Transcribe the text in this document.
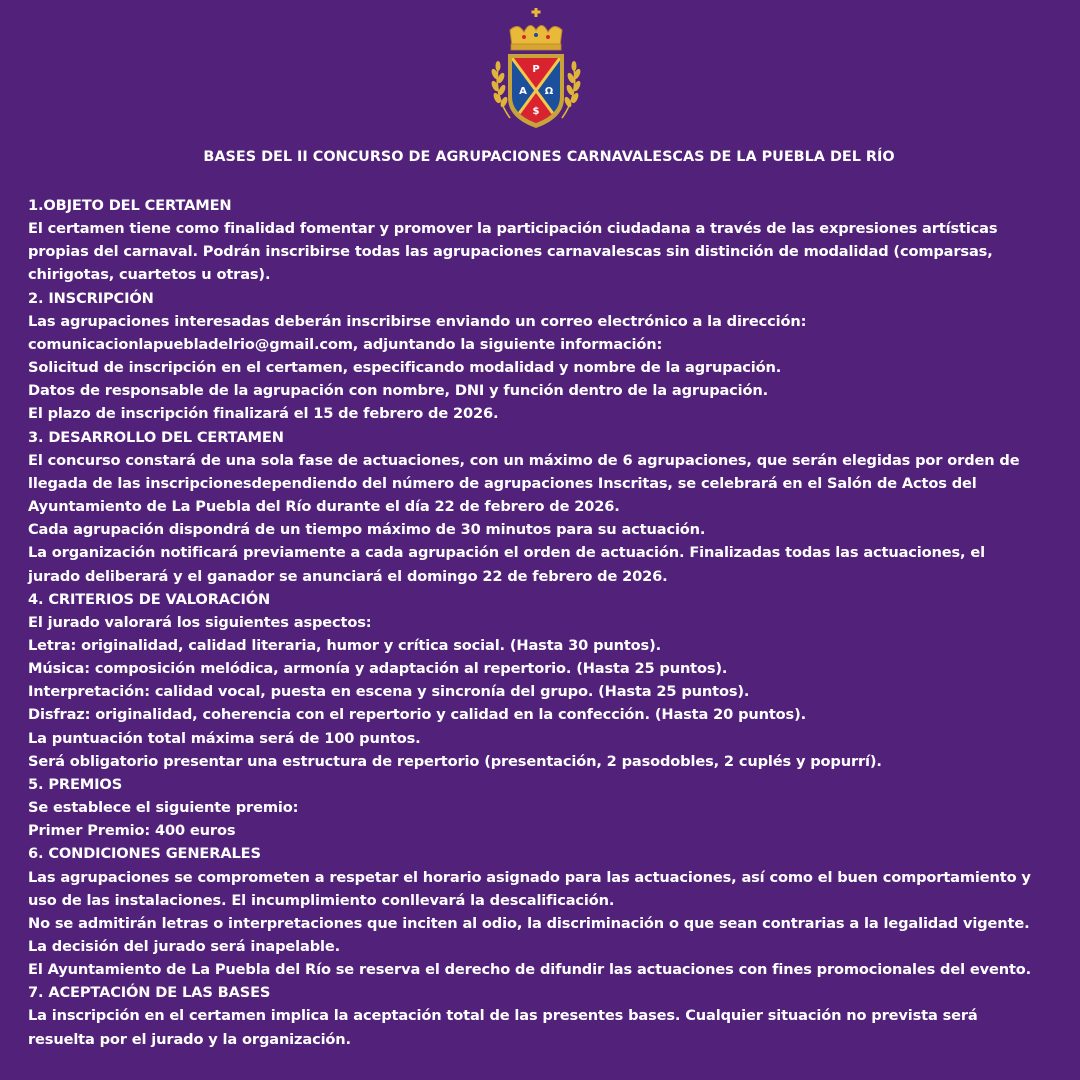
P
A Ω
$
BASES DEL II CONCURSO DE AGRUPACIONES CARNAVALESCAS DE LA PUEBLA DEL RÍO
1.OBJETO DEL CERTAMEN
El certamen tiene como finalidad fomentar y promover la participación ciudadana a través de las expresiones artísticas
propias del carnaval. Podrán inscribirse todas las agrupaciones carnavalescas sin distinción de modalidad (comparsas,
chirigotas, cuartetos u otras).
2. INSCRIPCIÓN
Las agrupaciones interesadas deberán inscribirse enviando un correo electrónico a la dirección:
comunicacionlapuebladelrio@gmail.com, adjuntando la siguiente información:
Solicitud de inscripción en el certamen, especificando modalidad y nombre de la agrupación.
Datos de responsable de la agrupación con nombre, DNI y función dentro de la agrupación.
El plazo de inscripción finalizará el 15 de febrero de 2026.
3. DESARROLLO DEL CERTAMEN
El concurso constará de una sola fase de actuaciones, con un máximo de 6 agrupaciones, que serán elegidas por orden de
llegada de las inscripcionesdependiendo del número de agrupaciones Inscritas, se celebrará en el Salón de Actos del
Ayuntamiento de La Puebla del Río durante el día 22 de febrero de 2026.
Cada agrupación dispondrá de un tiempo máximo de 30 minutos para su actuación.
La organización notificará previamente a cada agrupación el orden de actuación. Finalizadas todas las actuaciones, el
jurado deliberará y el ganador se anunciará el domingo 22 de febrero de 2026.
4. CRITERIOS DE VALORACIÓN
El jurado valorará los siguientes aspectos:
Letra: originalidad, calidad literaria, humor y crítica social. (Hasta 30 puntos).
Música: composición melódica, armonía y adaptación al repertorio. (Hasta 25 puntos).
Interpretación: calidad vocal, puesta en escena y sincronía del grupo. (Hasta 25 puntos).
Disfraz: originalidad, coherencia con el repertorio y calidad en la confección. (Hasta 20 puntos).
La puntuación total máxima será de 100 puntos.
Será obligatorio presentar una estructura de repertorio (presentación, 2 pasodobles, 2 cuplés y popurrí).
5. PREMIOS
Se establece el siguiente premio:
Primer Premio: 400 euros
6. CONDICIONES GENERALES
Las agrupaciones se comprometen a respetar el horario asignado para las actuaciones, así como el buen comportamiento y
uso de las instalaciones. El incumplimiento conllevará la descalificación.
No se admitirán letras o interpretaciones que inciten al odio, la discriminación o que sean contrarias a la legalidad vigente.
La decisión del jurado será inapelable.
El Ayuntamiento de La Puebla del Río se reserva el derecho de difundir las actuaciones con fines promocionales del evento.
7. ACEPTACIÓN DE LAS BASES
La inscripción en el certamen implica la aceptación total de las presentes bases. Cualquier situación no prevista será
resuelta por el jurado y la organización.
